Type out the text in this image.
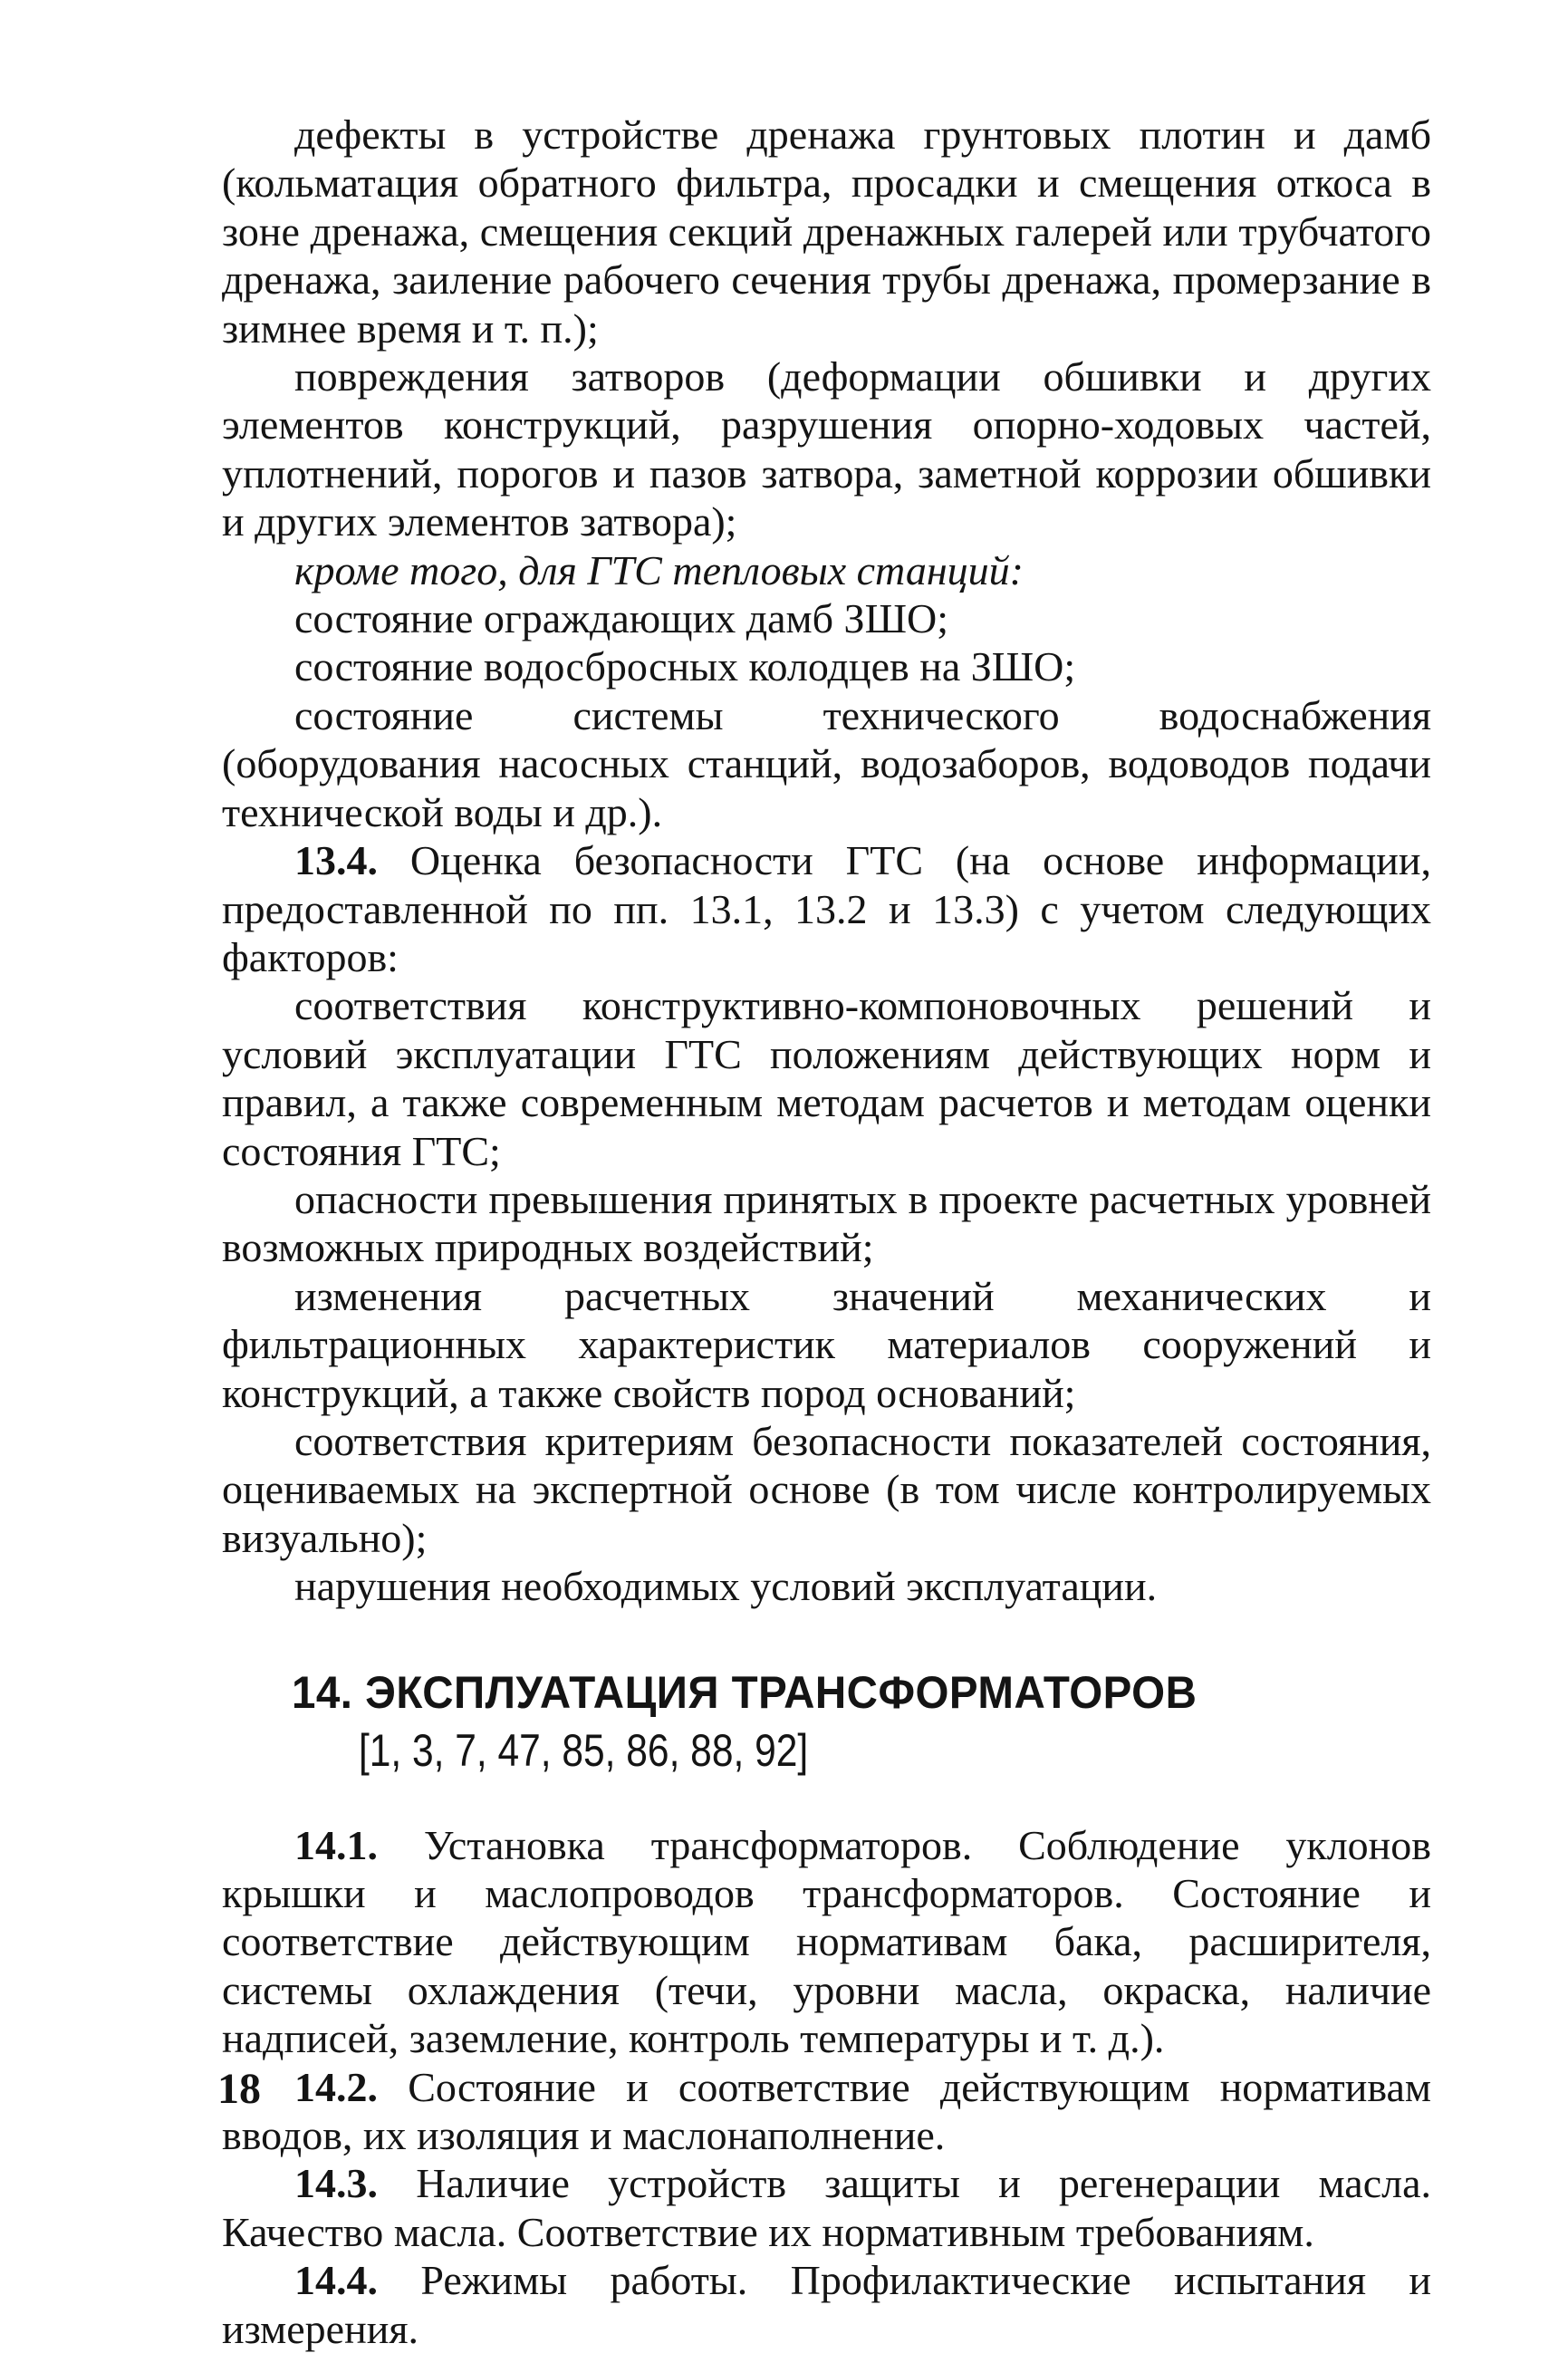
дефекты в устройстве дренажа грунтовых плотин и дамб (кольматация обратного фильтра, просадки и смещения откоса в зоне дренажа, смещения секций дренажных галерей или трубчатого дренажа, заиление рабочего сечения трубы дренажа, промерзание в зимнее время и т. п.);

повреждения затворов (деформации обшивки и других элементов конструкций, разрушения опорно-ходовых частей, уплотнений, порогов и пазов затвора, заметной коррозии обшивки и других элементов затвора);

кроме того, для ГТС тепловых станций:

состояние ограждающих дамб ЗШО;

состояние водосбросных колодцев на ЗШО;

состояние системы технического водоснабжения (оборудования насосных станций, водозаборов, водоводов подачи технической воды и др.).

13.4. Оценка безопасности ГТС (на основе информации, предоставленной по пп. 13.1, 13.2 и 13.3) с учетом следующих факторов:

соответствия конструктивно-компоновочных решений и условий эксплуатации ГТС положениям действующих норм и правил, а также современным методам расчетов и методам оценки состояния ГТС;

опасности превышения принятых в проекте расчетных уровней возможных природных воздействий;

изменения расчетных значений механических и фильтрационных характеристик материалов сооружений и конструкций, а также свойств пород оснований;

соответствия критериям безопасности показателей состояния, оцениваемых на экспертной основе (в том числе контролируемых визуально);

нарушения необходимых условий эксплуатации.

14. ЭКСПЛУАТАЦИЯ ТРАНСФОРМАТОРОВ
[1, 3, 7, 47, 85, 86, 88, 92]

14.1. Установка трансформаторов. Соблюдение уклонов крышки и маслопроводов трансформаторов. Состояние и соответствие действующим нормативам бака, расширителя, системы охлаждения (течи, уровни масла, окраска, наличие надписей, заземление, контроль температуры и т. д.).

14.2. Состояние и соответствие действующим нормативам вводов, их изоляция и маслонаполнение.

14.3. Наличие устройств защиты и регенерации масла. Качество масла. Соответствие их нормативным требованиям.

14.4. Режимы работы. Профилактические испытания и измерения.

18
